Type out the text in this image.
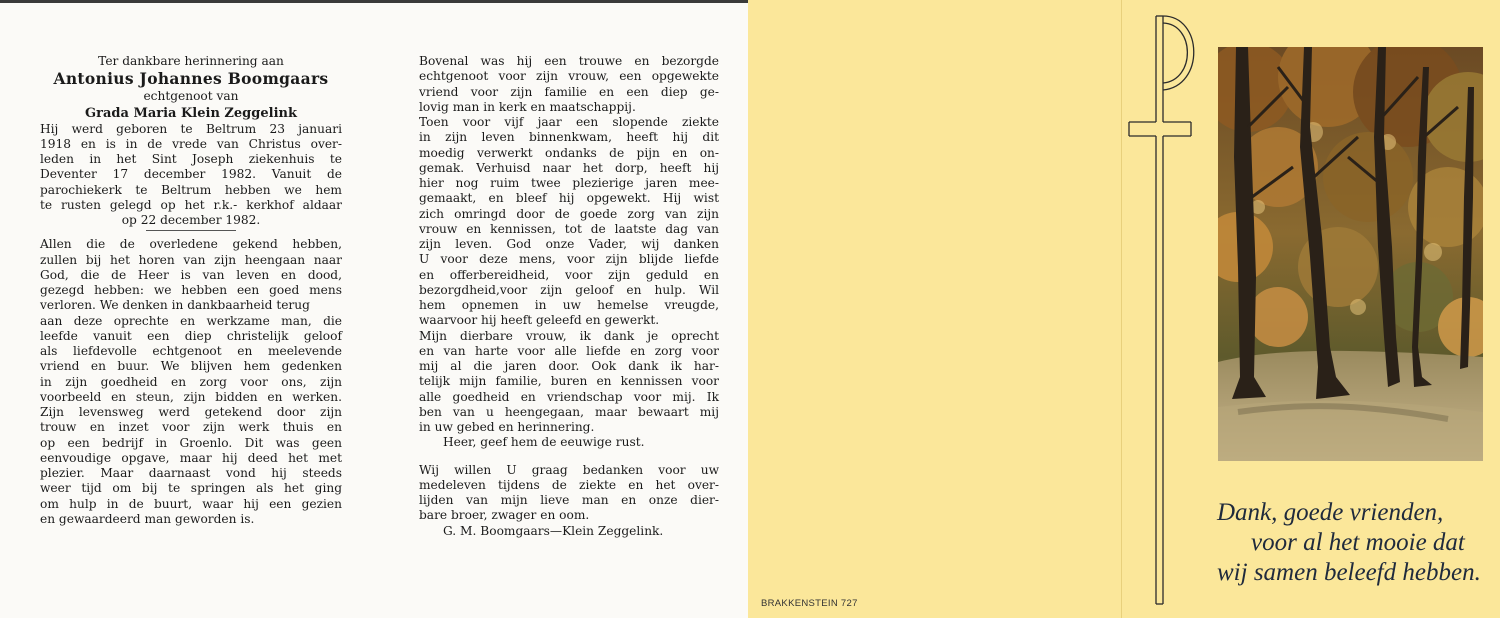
Ter dankbare herinnering aan
Antonius Johannes Boomgaars
echtgenoot van
Grada Maria Klein Zeggelink
Hij werd geboren te Beltrum 23 januari
1918 en is in de vrede van Christus over-
leden in het Sint Joseph ziekenhuis te
Deventer 17 december 1982. Vanuit de
parochiekerk te Beltrum hebben we hem
te rusten gelegd op het r.k.- kerkhof aldaar
op 22 december 1982.
Allen die de overledene gekend hebben,
zullen bij het horen van zijn heengaan naar
God, die de Heer is van leven en dood,
gezegd hebben: we hebben een goed mens
verloren. We denken in dankbaarheid terug
aan deze oprechte en werkzame man, die
leefde vanuit een diep christelijk geloof
als liefdevolle echtgenoot en meelevende
vriend en buur. We blijven hem gedenken
in zijn goedheid en zorg voor ons, zijn
voorbeeld en steun, zijn bidden en werken.
Zijn levensweg werd getekend door zijn
trouw en inzet voor zijn werk thuis en
op een bedrijf in Groenlo. Dit was geen
eenvoudige opgave, maar hij deed het met
plezier. Maar daarnaast vond hij steeds
weer tijd om bij te springen als het ging
om hulp in de buurt, waar hij een gezien
en gewaardeerd man geworden is.
Bovenal was hij een trouwe en bezorgde
echtgenoot voor zijn vrouw, een opgewekte
vriend voor zijn familie en een diep ge-
lovig man in kerk en maatschappij.
Toen voor vijf jaar een slopende ziekte
in zijn leven binnenkwam, heeft hij dit
moedig verwerkt ondanks de pijn en on-
gemak. Verhuisd naar het dorp, heeft hij
hier nog ruim twee plezierige jaren mee-
gemaakt, en bleef hij opgewekt. Hij wist
zich omringd door de goede zorg van zijn
vrouw en kennissen, tot de laatste dag van
zijn leven. God onze Vader, wij danken
U voor deze mens, voor zijn blijde liefde
en offerbereidheid, voor zijn geduld en
bezorgdheid,voor zijn geloof en hulp. Wil
hem opnemen in uw hemelse vreugde,
waarvoor hij heeft geleefd en gewerkt.
Mijn dierbare vrouw, ik dank je oprecht
en van harte voor alle liefde en zorg voor
mij al die jaren door. Ook dank ik har-
telijk mijn familie, buren en kennissen voor
alle goedheid en vriendschap voor mij. Ik
ben van u heengegaan, maar bewaart mij
in uw gebed en herinnering.
Heer, geef hem de eeuwige rust.
Wij willen U graag bedanken voor uw
medeleven tijdens de ziekte en het over-
lijden van mijn lieve man en onze dier-
bare broer, zwager en oom.
G. M. Boomgaars—Klein Zeggelink.
BRAKKENSTEIN 727
Dank, goede vrienden,
voor al het mooie dat
wij samen beleefd hebben.
